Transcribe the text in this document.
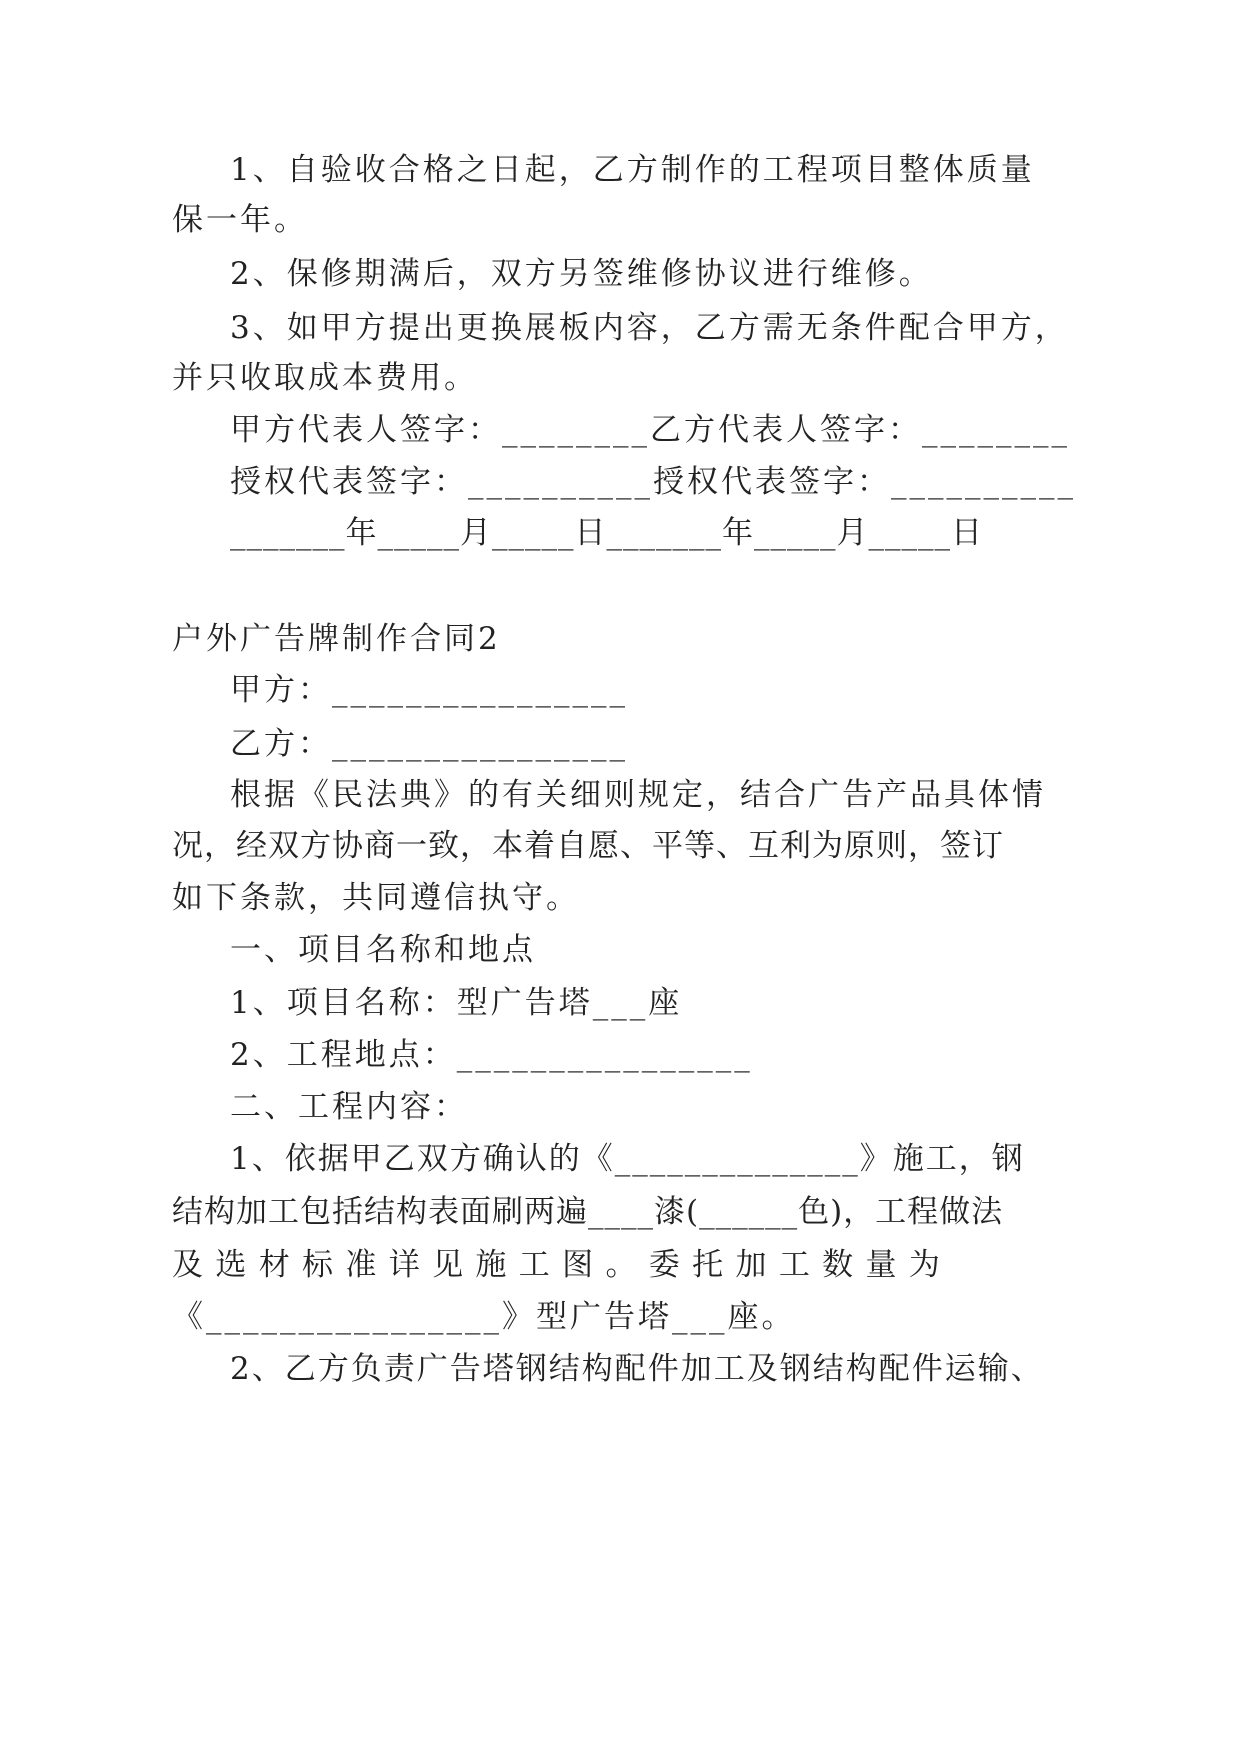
1、自验收合格之日起，乙方制作的工程项目整体质量
保一年。
2、保修期满后，双方另签维修协议进行维修。
3、如甲方提出更换展板内容，乙方需无条件配合甲方，
并只收取成本费用。
甲方代表人签字：________乙方代表人签字：________
授权代表签字：__________授权代表签字：__________
_______年_____月_____日_______年_____月_____日
户外广告牌制作合同2
甲方：________________
乙方：________________
根据《民法典》的有关细则规定，结合广告产品具体情
况，经双方协商一致，本着自愿、平等、互利为原则，签订
如下条款，共同遵信执守。
一、项目名称和地点
1、项目名称：型广告塔___座
2、工程地点：________________
二、工程内容：
1、依据甲乙双方确认的《______________》施工，钢
结构加工包括结构表面刷两遍____漆(______色)，工程做法
及 选 材 标 准 详 见 施 工 图 。 委 托 加 工 数 量 为
《________________》型广告塔___座。
2、乙方负责广告塔钢结构配件加工及钢结构配件运输、
